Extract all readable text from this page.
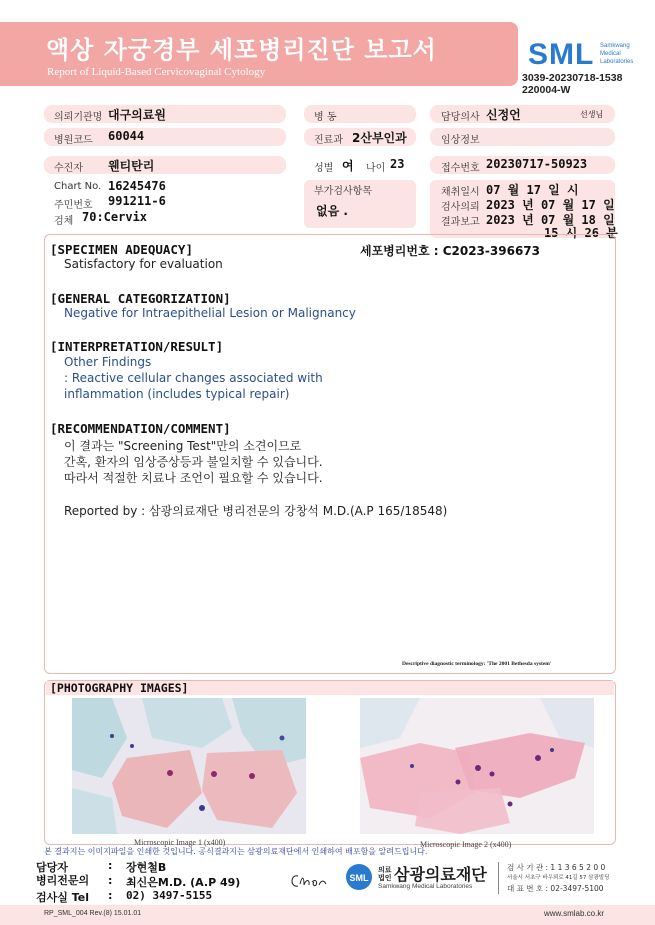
액상 자궁경부 세포병리진단 보고서
Report of Liquid-Based Cervicovaginal Cytology
SML Samkwang
Medical
Laboratories
3039-20230718-1538
220004-W
의뢰기관명 대구의료원	병 동	담당의사 신정언	선생님
병원코드 60044	진료과 2산부인과	임상정보
수진자 웬티탄리	성별 여 나이 23	접수번호 20230717-50923
Chart No. 16245476
주민번호 991211-6
검체 70:Cervix
부가검사항목
없음 .
채취일시 07 월 17 일 시
검사의뢰 2023 년 07 월 17 일
결과보고 2023 년 07 월 18 일
15 시 26 분
[SPECIMEN ADEQUACY]	세포병리번호 : C2023-396673
Satisfactory for evaluation
[GENERAL CATEGORIZATION]
Negative for Intraepithelial Lesion or Malignancy
[INTERPRETATION/RESULT]
Other Findings
: Reactive cellular changes associated with
inflammation (includes typical repair)
[RECOMMENDATION/COMMENT]
이 결과는 "Screening Test"만의 소견이므로
간혹, 환자의 임상증상등과 불일치할 수 있습니다.
따라서 적절한 치료나 조언이 필요할 수 있습니다.
Reported by : 삼광의료재단 병리전문의 강창석 M.D.(A.P 165/18548)
Descriptive diagnostic terminology: 'The 2001 Bethesda system'
[PHOTOGRAPHY IMAGES]
Microscopic Image 1 (x400)	Microscopic Image 2 (x400)
본 결과지는 이미지파일을 인쇄한 것입니다. 공식결과지는 삼광의료재단에서 인쇄하여 배포함을 알려드립니다.
담당자	: 장현철B
병리전문의 : 최신은M.D. (A.P 49)
검사실 Tel : 02) 3497-5155
SML
의료
법인 삼광의료재단
Samkwang Medical Laboratories
검 사 기 관 : 1 1 3 6 5 2 0 0
서울시 서초구 바우뫼로 41길 57 삼광빌딩
대 표 번 호 : 02-3497-5100
RP_SML_004 Rev.(8) 15.01.01	www.smlab.co.kr
